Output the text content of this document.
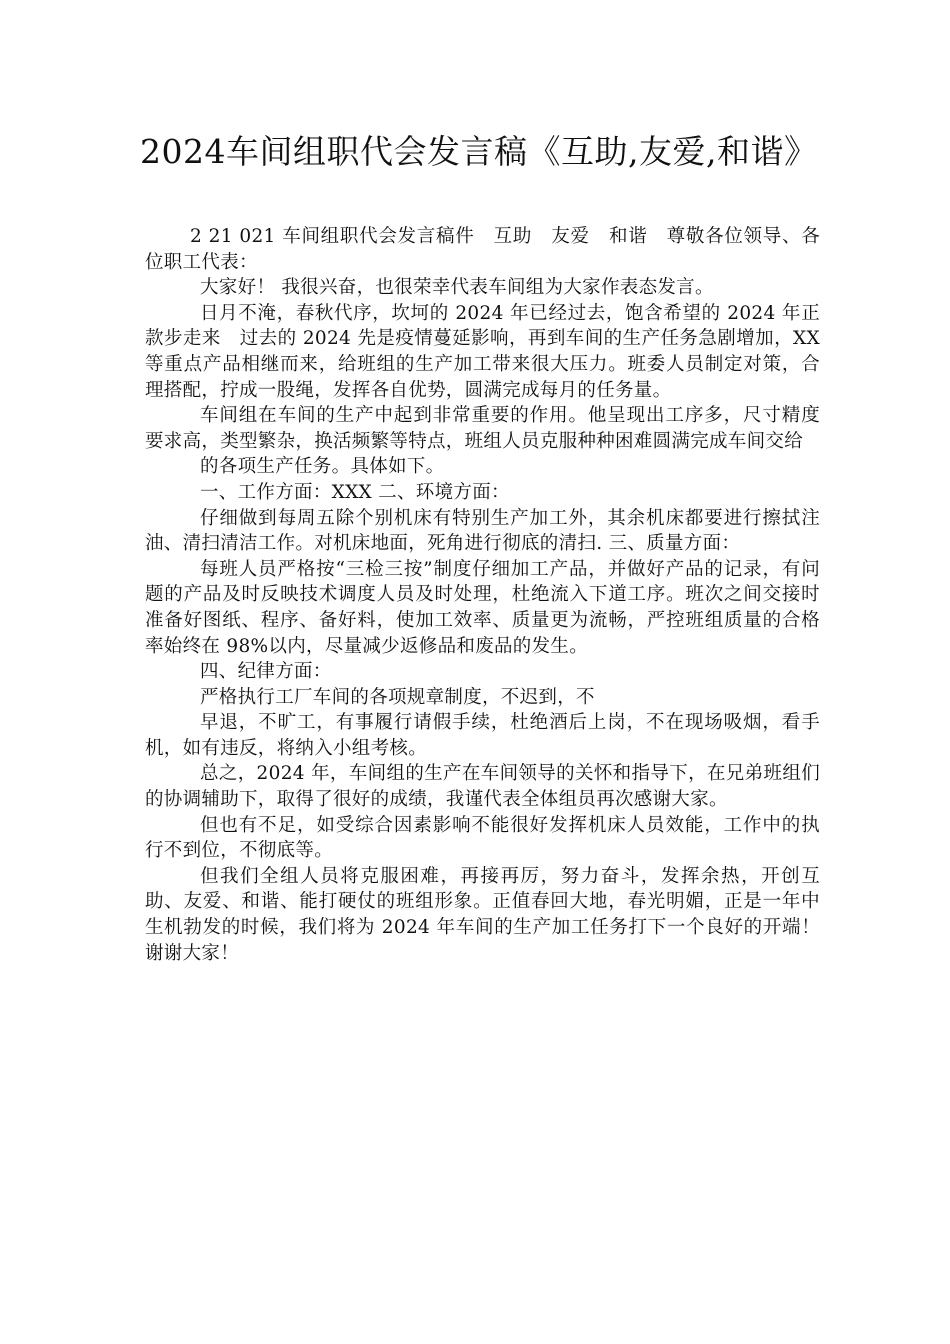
2024车间组职代会发言稿《互助,友爱,和谐》

2 21 021 车间组职代会发言稿件　互助　友爱　和谐　尊敬各位领导、各位职工代表：

大家好！ 我很兴奋，也很荣幸代表车间组为大家作表态发言。

日月不淹，春秋代序，坎坷的 2024 年已经过去，饱含希望的 2024 年正款步走来　过去的 2024 先是疫情蔓延影响，再到车间的生产任务急剧增加，XX 等重点产品相继而来，给班组的生产加工带来很大压力。班委人员制定对策，合理搭配，拧成一股绳，发挥各自优势，圆满完成每月的任务量。

车间组在车间的生产中起到非常重要的作用。他呈现出工序多，尺寸精度要求高，类型繁杂，换活频繁等特点，班组人员克服种种困难圆满完成车间交给

的各项生产任务。具体如下。

一、工作方面：XXX 二、环境方面：

仔细做到每周五除个别机床有特别生产加工外，其余机床都要进行擦拭注油、清扫清洁工作。对机床地面，死角进行彻底的清扫. 三、质量方面：

每班人员严格按“三检三按”制度仔细加工产品，并做好产品的记录，有问题的产品及时反映技术调度人员及时处理，杜绝流入下道工序。班次之间交接时准备好图纸、程序、备好料，使加工效率、质量更为流畅，严控班组质量的合格率始终在 98%以内，尽量减少返修品和废品的发生。

四、纪律方面：

严格执行工厂车间的各项规章制度，不迟到，不

早退，不旷工，有事履行请假手续，杜绝酒后上岗，不在现场吸烟，看手机，如有违反，将纳入小组考核。

总之，2024 年，车间组的生产在车间领导的关怀和指导下，在兄弟班组们的协调辅助下，取得了很好的成绩，我谨代表全体组员再次感谢大家。

但也有不足，如受综合因素影响不能很好发挥机床人员效能，工作中的执行不到位，不彻底等。

但我们全组人员将克服困难，再接再厉，努力奋斗，发挥余热，开创互助、友爱、和谐、能打硬仗的班组形象。正值春回大地，春光明媚，正是一年中生机勃发的时候，我们将为 2024 年车间的生产加工任务打下一个良好的开端！　　　　　谢谢大家！
